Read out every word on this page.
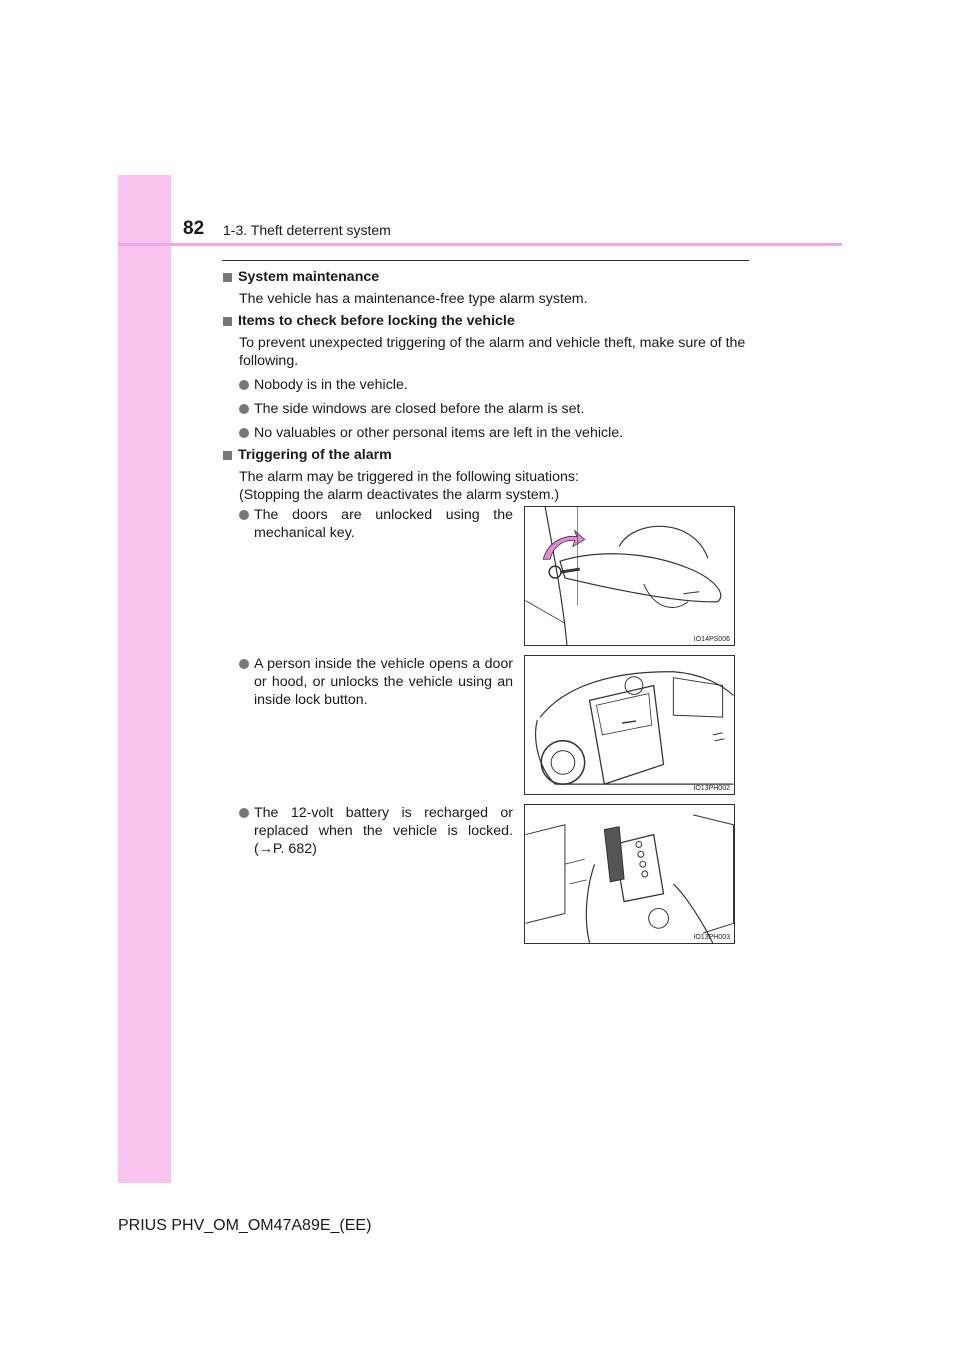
82 1-3. Theft deterrent system
System maintenance
The vehicle has a maintenance-free type alarm system.
Items to check before locking the vehicle
To prevent unexpected triggering of the alarm and vehicle theft, make sure of the following.
Nobody is in the vehicle.
The side windows are closed before the alarm is set.
No valuables or other personal items are left in the vehicle.
Triggering of the alarm
The alarm may be triggered in the following situations:
(Stopping the alarm deactivates the alarm system.)
The doors are unlocked using the mechanical key.
IO14PS006
A person inside the vehicle opens a door or hood, or unlocks the vehicle using an inside lock button.
IO13PH002
The 12-volt battery is recharged or replaced when the vehicle is locked. (→P. 682)
IO13PH003
PRIUS PHV_OM_OM47A89E_(EE)
